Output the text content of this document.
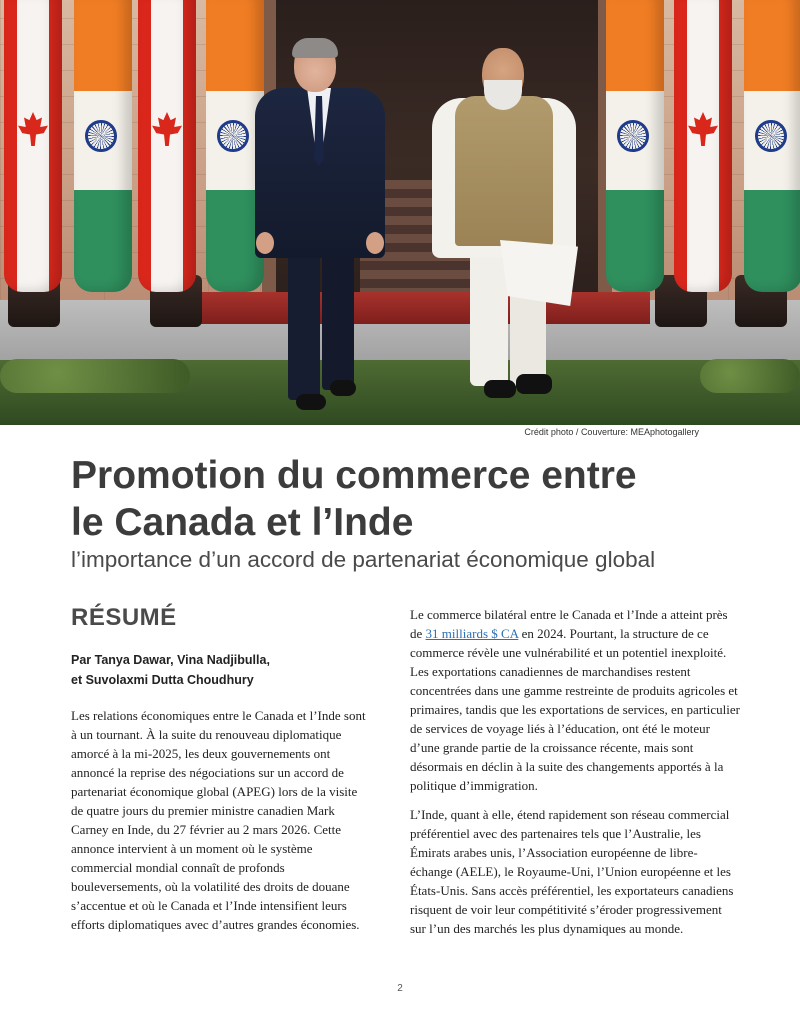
Crédit photo / Couverture: MEAphotogallery

Promotion du commerce entre
le Canada et l’Inde

l’importance d’un accord de partenariat économique global

RÉSUMÉ

Par Tanya Dawar, Vina Nadjibulla,
et Suvolaxmi Dutta Choudhury

Les relations économiques entre le Canada et l’Inde sont à un tournant. À la suite du renouveau diplomatique amorcé à la mi-2025, les deux gouvernements ont annoncé la reprise des négociations sur un accord de partenariat économique global (APEG) lors de la visite de quatre jours du premier ministre canadien Mark Carney en Inde, du 27 février au 2 mars 2026. Cette annonce intervient à un moment où le système commercial mondial connaît de profonds bouleversements, où la volatilité des droits de douane s’accentue et où le Canada et l’Inde intensifient leurs efforts diplomatiques avec d’autres grandes économies.

Le commerce bilatéral entre le Canada et l’Inde a atteint près de 31 milliards $ CA en 2024. Pourtant, la structure de ce commerce révèle une vulnérabilité et un potentiel inexploité. Les exportations canadiennes de marchandises restent concentrées dans une gamme restreinte de produits agricoles et primaires, tandis que les exportations de services, en particulier de services de voyage liés à l’éducation, ont été le moteur d’une grande partie de la croissance récente, mais sont désormais en déclin à la suite des changements apportés à la politique d’immigration.

L’Inde, quant à elle, étend rapidement son réseau commercial préférentiel avec des partenaires tels que l’Australie, les Émirats arabes unis, l’Association européenne de libre-échange (AELE), le Royaume-Uni, l’Union européenne et les États-Unis. Sans accès préférentiel, les exportateurs canadiens risquent de voir leur compétitivité s’éroder progressivement sur l’un des marchés les plus dynamiques au monde.

2
